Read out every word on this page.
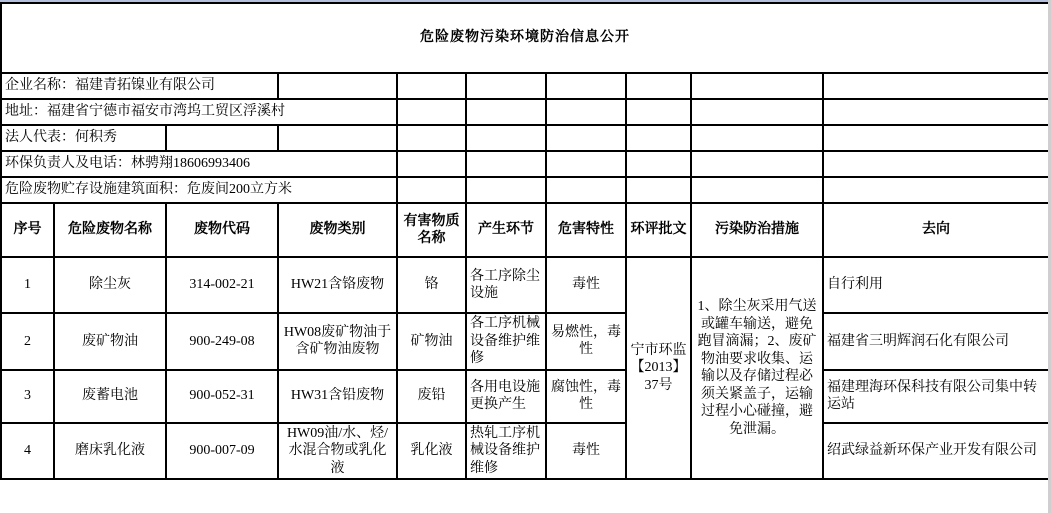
危险废物污染环境防治信息公开									
企业名称：福建青拓镍业有限公司									
地址：福建省宁德市福安市湾坞工贸区浮溪村									
法人代表：何积秀									
环保负责人及电话：林骋翔18606993406									
危险废物贮存设施建筑面积：危废间200立方米									
序号	危险废物名称	废物代码	废物类别	有害物质名称	产生环节	危害特性	环评批文	污染防治措施	去向
1	除尘灰	314-002-21	HW21含铬废物	铬	各工序除尘设施	毒性	宁市环监【2013】37号	1、除尘灰采用气送或罐车输送，避免跑冒滴漏；2、废矿物油要求收集、运输以及存储过程必须关紧盖子，运输过程小心碰撞，避免泄漏。	自行利用
2	废矿物油	900-249-08	HW08废矿物油于含矿物油废物	矿物油	各工序机械设备维护维修	易燃性，毒性			福建省三明辉润石化有限公司
3	废蓄电池	900-052-31	HW31含铅废物	废铅	各用电设施更换产生	腐蚀性，毒性			福建理海环保科技有限公司集中转运站
4	磨床乳化液	900-007-09	HW09油/水、烃/水混合物或乳化液	乳化液	热轧工序机械设备维护维修	毒性			绍武绿益新环保产业开发有限公司
